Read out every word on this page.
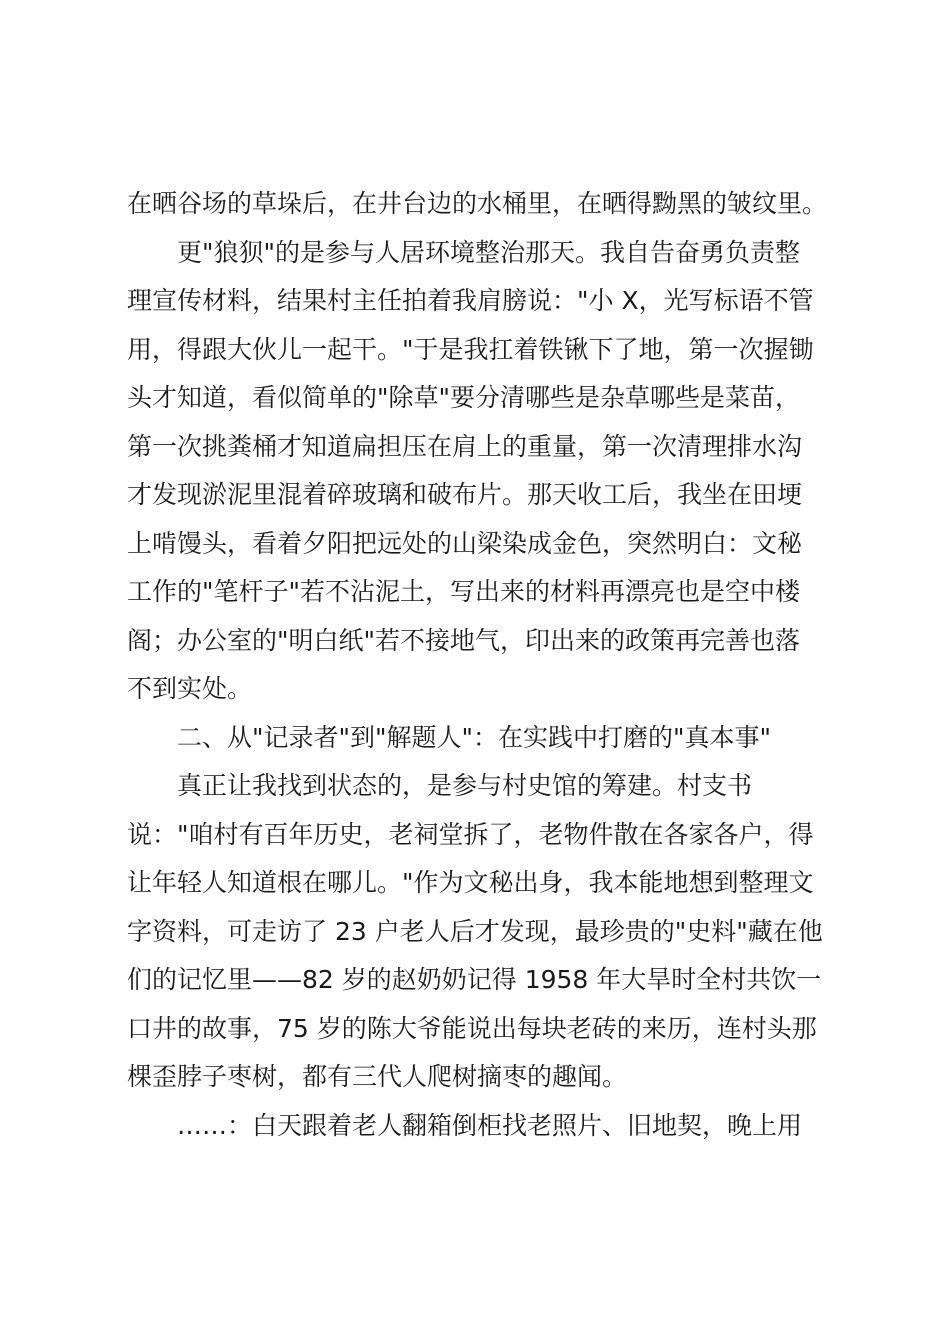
在晒谷场的草垛后，在井台边的水桶里，在晒得黝黑的皱纹里。
更"狼狈"的是参与人居环境整治那天。我自告奋勇负责整
理宣传材料，结果村主任拍着我肩膀说："小 X，光写标语不管
用，得跟大伙儿一起干。"于是我扛着铁锹下了地，第一次握锄
头才知道，看似简单的"除草"要分清哪些是杂草哪些是菜苗，
第一次挑粪桶才知道扁担压在肩上的重量，第一次清理排水沟
才发现淤泥里混着碎玻璃和破布片。那天收工后，我坐在田埂
上啃馒头，看着夕阳把远处的山梁染成金色，突然明白：文秘
工作的"笔杆子"若不沾泥土，写出来的材料再漂亮也是空中楼
阁；办公室的"明白纸"若不接地气，印出来的政策再完善也落
不到实处。
二、从"记录者"到"解题人"：在实践中打磨的"真本事"
真正让我找到状态的，是参与村史馆的筹建。村支书
说："咱村有百年历史，老祠堂拆了，老物件散在各家各户，得
让年轻人知道根在哪儿。"作为文秘出身，我本能地想到整理文
字资料，可走访了 23 户老人后才发现，最珍贵的"史料"藏在他
们的记忆里——82 岁的赵奶奶记得 1958 年大旱时全村共饮一
口井的故事，75 岁的陈大爷能说出每块老砖的来历，连村头那
棵歪脖子枣树，都有三代人爬树摘枣的趣闻。
……：白天跟着老人翻箱倒柜找老照片、旧地契，晚上用
